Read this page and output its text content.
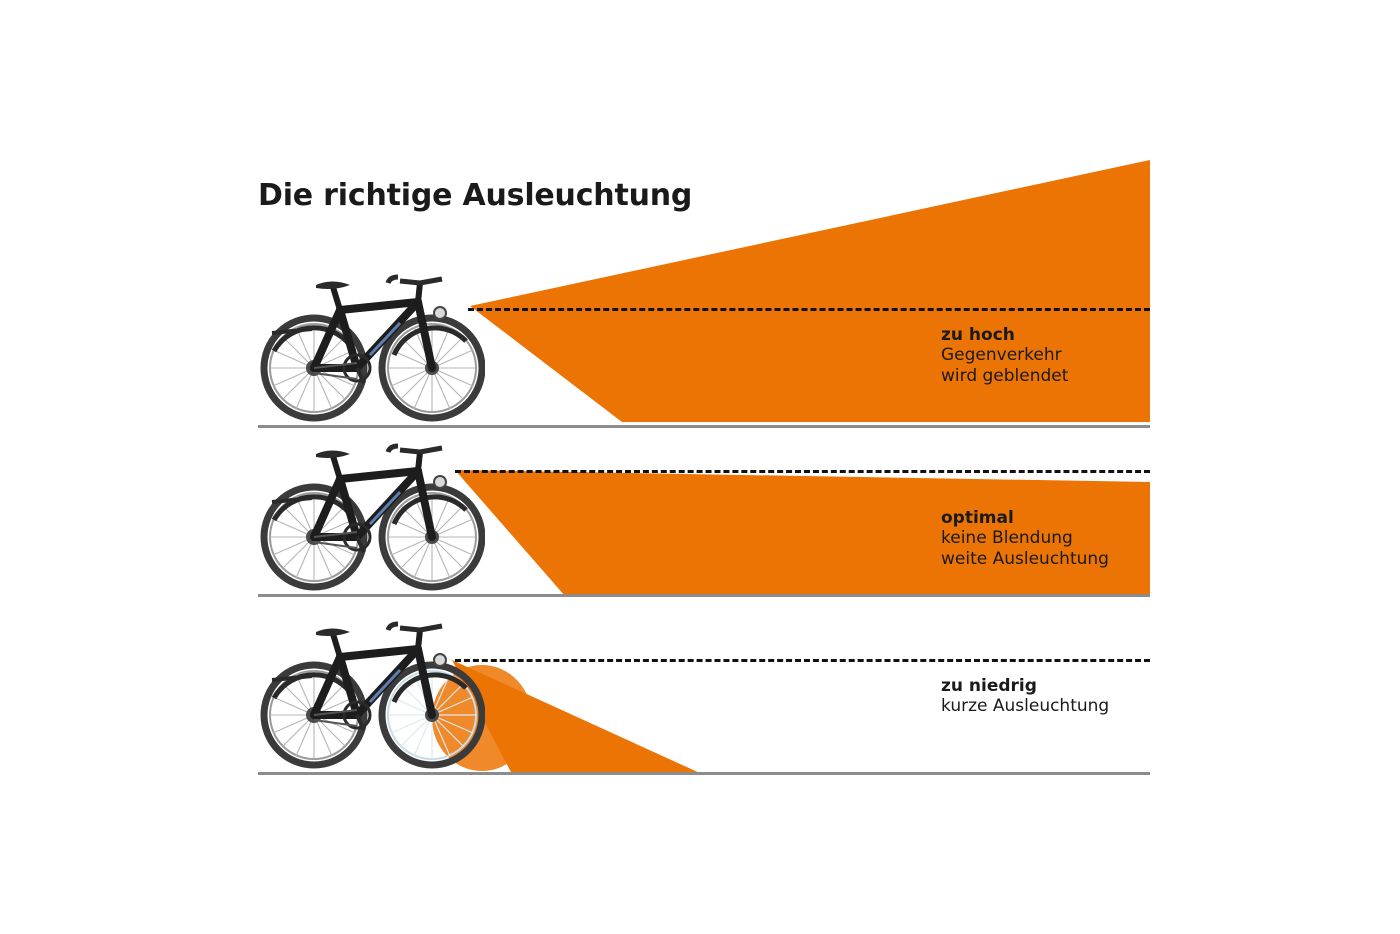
Die richtige Ausleuchtung
zu hoch
Gegenverkehr
wird geblendet
optimal
keine Blendung
weite Ausleuchtung
zu niedrig
kurze Ausleuchtung
